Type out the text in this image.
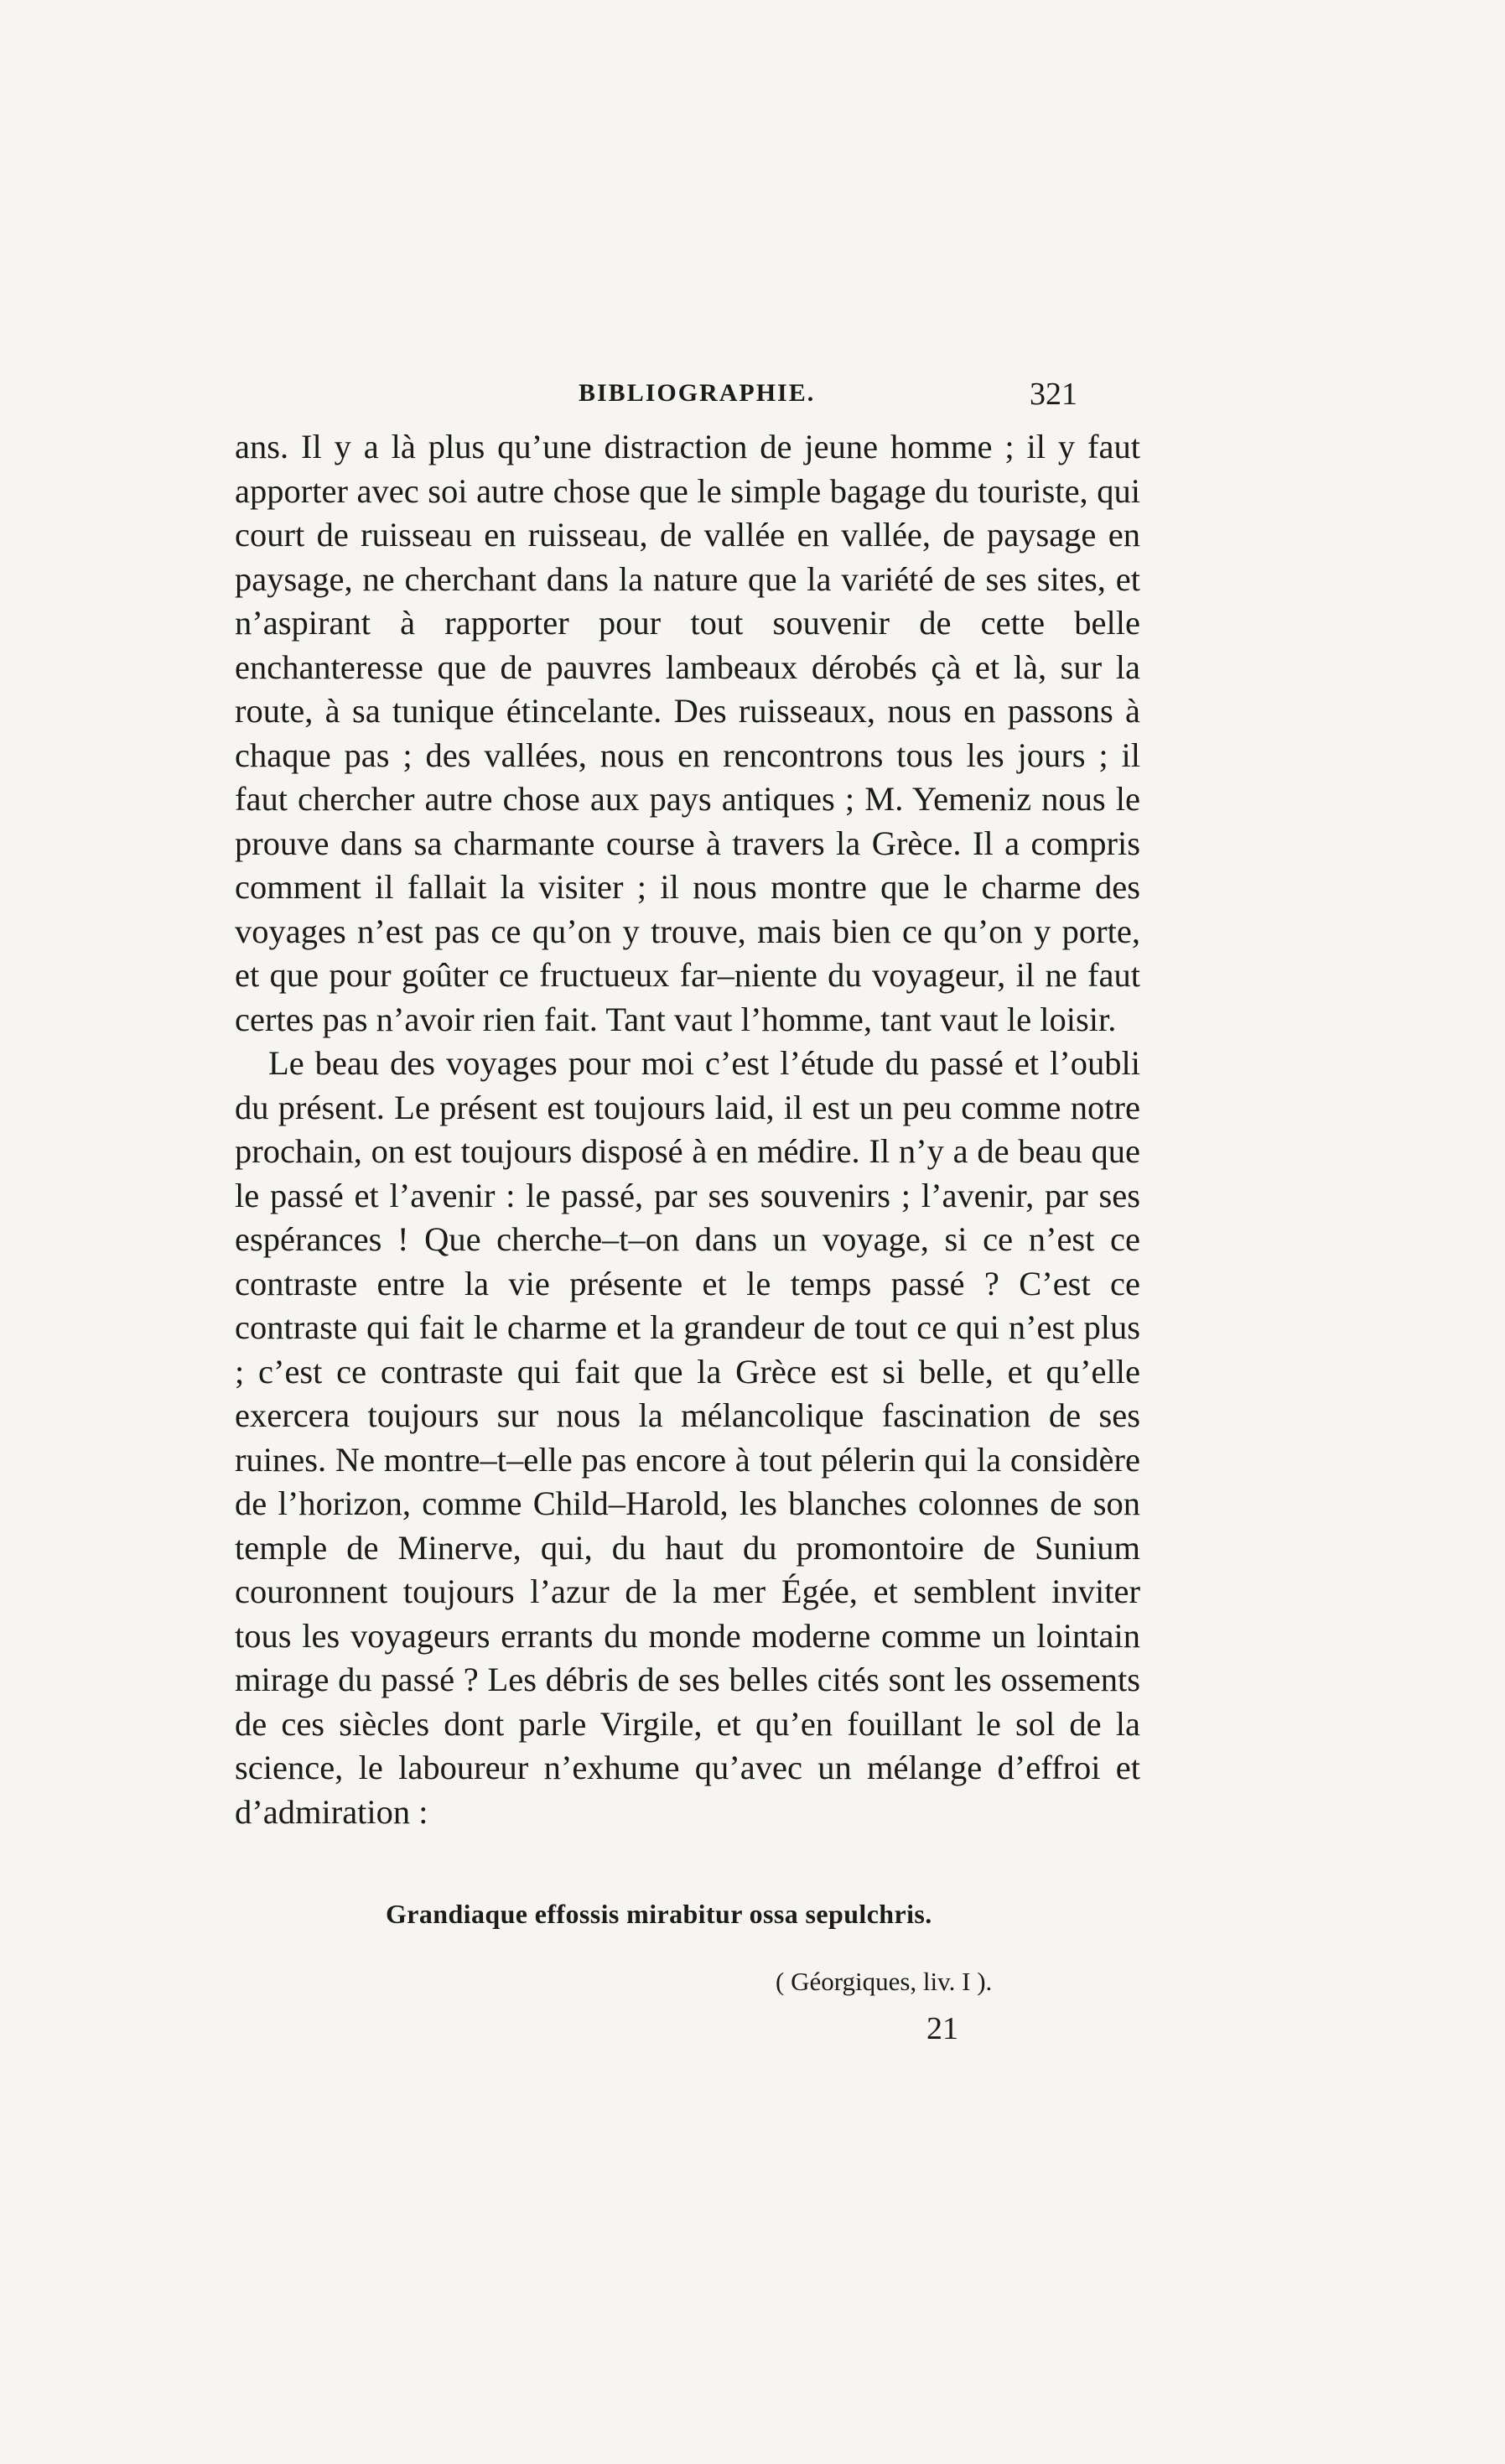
BIBLIOGRAPHIE.	321

ans. Il y a là plus qu’une distraction de jeune homme ; il y faut apporter avec soi autre chose que le simple bagage du touriste, qui court de ruisseau en ruisseau, de vallée en vallée, de paysage en paysage, ne cherchant dans la nature que la variété de ses sites, et n’aspirant à rapporter pour tout souvenir de cette belle enchanteresse que de pauvres lambeaux dérobés çà et là, sur la route, à sa tunique étincelante. Des ruisseaux, nous en passons à chaque pas ; des vallées, nous en rencontrons tous les jours ; il faut chercher autre chose aux pays antiques ; M. Yemeniz nous le prouve dans sa charmante course à travers la Grèce. Il a compris comment il fallait la visiter ; il nous montre que le charme des voyages n’est pas ce qu’on y trouve, mais bien ce qu’on y porte, et que pour goûter ce fructueux far–niente du voyageur, il ne faut certes pas n’avoir rien fait. Tant vaut l’homme, tant vaut le loisir.

Le beau des voyages pour moi c’est l’étude du passé et l’oubli du présent. Le présent est toujours laid, il est un peu comme notre prochain, on est toujours disposé à en médire. Il n’y a de beau que le passé et l’avenir : le passé, par ses souvenirs ; l’avenir, par ses espérances ! Que cherche–t–on dans un voyage, si ce n’est ce contraste entre la vie présente et le temps passé ? C’est ce contraste qui fait le charme et la grandeur de tout ce qui n’est plus ; c’est ce contraste qui fait que la Grèce est si belle, et qu’elle exercera toujours sur nous la mélancolique fascination de ses ruines. Ne montre–t–elle pas encore à tout pélerin qui la considère de l’horizon, comme Child–Harold, les blanches colonnes de son temple de Minerve, qui, du haut du promontoire de Sunium couronnent toujours l’azur de la mer Égée, et semblent inviter tous les voyageurs errants du monde moderne comme un lointain mirage du passé ? Les débris de ses belles cités sont les ossements de ces siècles dont parle Virgile, et qu’en fouillant le sol de la science, le laboureur n’exhume qu’avec un mélange d’effroi et d’admiration :

Grandiaque effossis mirabitur ossa sepulchris.
( Géorgiques, liv. I ).
21
